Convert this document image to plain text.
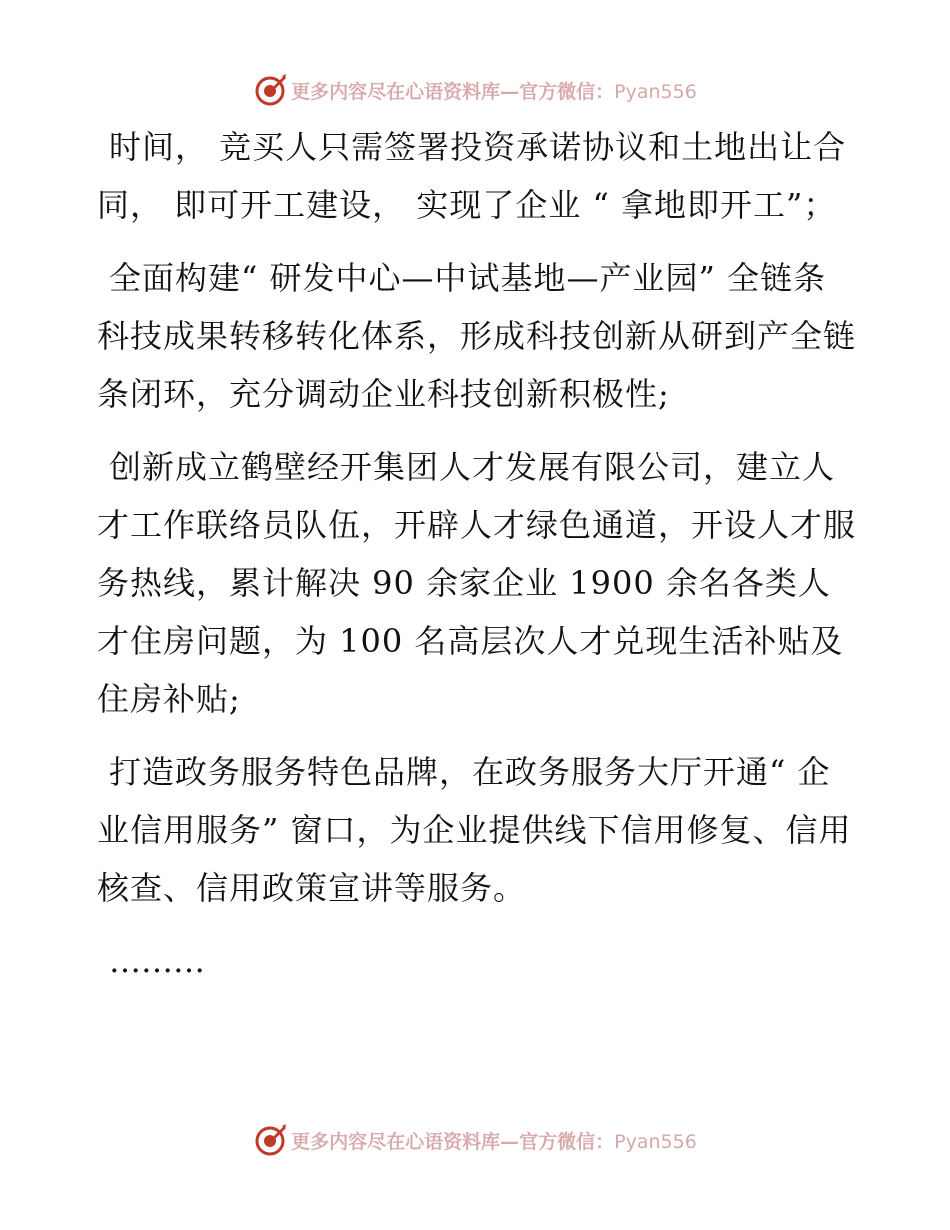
更多内容尽在心语资料库—官方微信：Pyan556

时间， 竞买人只需签署投资承诺协议和土地出让合同， 即可开工建设， 实现了企业 “ 拿地即开工”；

全面构建“ 研发中心—中试基地—产业园” 全链条科技成果转移转化体系，形成科技创新从研到产全链条闭环，充分调动企业科技创新积极性;

创新成立鹤壁经开集团人才发展有限公司，建立人才工作联络员队伍，开辟人才绿色通道，开设人才服务热线，累计解决 90 余家企业 1900 余名各类人才住房问题，为 100 名高层次人才兑现生活补贴及住房补贴;

打造政务服务特色品牌，在政务服务大厅开通“ 企业信用服务” 窗口，为企业提供线下信用修复、信用核查、信用政策宣讲等服务。

………

更多内容尽在心语资料库—官方微信：Pyan556
